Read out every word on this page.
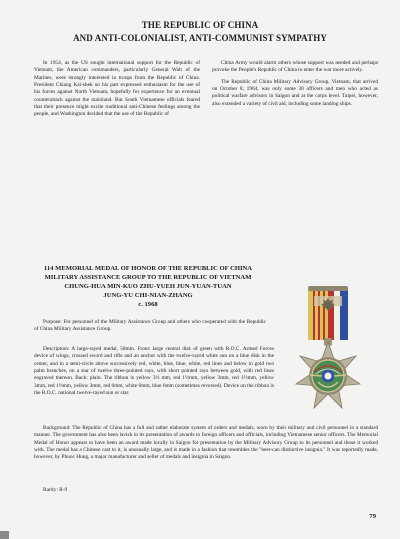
THE REPUBLIC OF CHINA
AND ANTI-COLONIALIST, ANTI-COMMUNIST SYMPATHY

In 1954, as the US sought international support for the Republic of Vietnam, the American commanders, particularly General Walt of the Marines, were strongly interested in troops from the Republic of China. President Chiang Kai-shek on his part expressed enthusiasm for the use of his forces against North Vietnam, hopefully for experience for an eventual counterattack against the mainland. But South Vietnamese officials feared that their presence might excite traditional anti-Chinese feelings among the people, and Washington decided that the use of the Republic of

China Army would alarm others whose support was needed and perhaps provoke the People's Republic of China to enter the war more actively.

The Republic of China Military Advisory Group, Vietnam, that arrived on October 8, 1964, was only some 30 officers and men who acted as political warfare advisors in Saigon and at the corps level. Taipei, however, also extended a variety of civil aid, including some landing ships.

114 MEMORIAL MEDAL OF HONOR OF THE REPUBLIC OF CHINA
MILITARY ASSISTANCE GROUP TO THE REPUBLIC OF VIETNAM
CHUNG-HUA MIN-KUO ZHU-YUEH JUN-YUAN-TUAN
JUNG-YU CHI-NIAN-ZHANG
c. 1968

Purpose: For personnel of the Military Assistance Group and others who cooperated with the Republic of China Military Assistance Group.

Description: A large-rayed medal, 58mm. Front: large central disk of green with R.O.C. Armed Forces device of wings, crossed sword and rifle and an anchor with the twelve-rayed white sun on a blue disk in the center, and in a semi-circle above successively red, white, blue, blue, white, red lines and below in gold two palm branches, on a star of twelve three-pointed rays, with short pointed rays between gold, with red lines engraved thereon. Back: plain. The ribbon is yellow 3½ mm, red 1½mm, yellow 3mm, red 1½mm, yellow 3mm, red 1½mm, yellow 3mm, red 6mm, white 6mm, blue 6mm (sometimes reversed). Device on the ribbon is the R.O.C. national twelve-rayed sun or star.

Background: The Republic of China has a full and rather elaborate system of orders and medals, worn by their military and civil personnel in a standard manner. The government has also been lavish in its presentation of awards to foreign officers and officials, including Vietnamese senior officers. The Memorial Medal of Honor appears to have been an award made locally in Saigon for presentation by the Military Advisory Group to its personnel and those it worked with. The medal has a Chinese cast to it, is unusually large, and is made in a fashion that resembles the "beer-can distinctive insignia." It was reportedly made, however, by Phuoc Hung, a major manufacturer and seller of medals and insignia in Saigon.

Rarity: R-9

79
